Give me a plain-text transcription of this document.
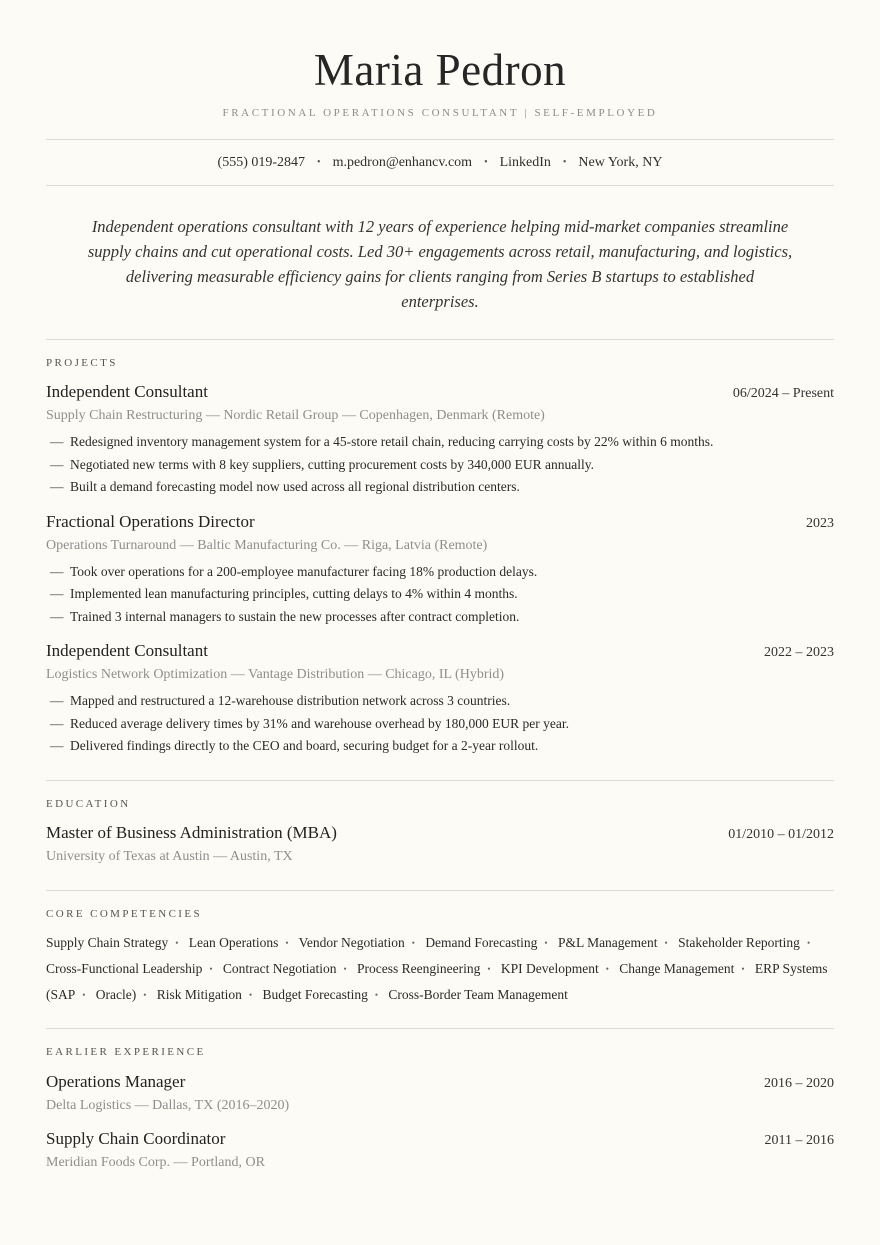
Maria Pedron
FRACTIONAL OPERATIONS CONSULTANT | SELF-EMPLOYED
(555) 019-2847 • m.pedron@enhancv.com • LinkedIn • New York, NY
Independent operations consultant with 12 years of experience helping mid-market companies streamline supply chains and cut operational costs. Led 30+ engagements across retail, manufacturing, and logistics, delivering measurable efficiency gains for clients ranging from Series B startups to established enterprises.
PROJECTS
Independent Consultant	06/2024 – Present
Supply Chain Restructuring — Nordic Retail Group — Copenhagen, Denmark (Remote)
— Redesigned inventory management system for a 45-store retail chain, reducing carrying costs by 22% within 6 months.
— Negotiated new terms with 8 key suppliers, cutting procurement costs by 340,000 EUR annually.
— Built a demand forecasting model now used across all regional distribution centers.
Fractional Operations Director	2023
Operations Turnaround — Baltic Manufacturing Co. — Riga, Latvia (Remote)
— Took over operations for a 200-employee manufacturer facing 18% production delays.
— Implemented lean manufacturing principles, cutting delays to 4% within 4 months.
— Trained 3 internal managers to sustain the new processes after contract completion.
Independent Consultant	2022 – 2023
Logistics Network Optimization — Vantage Distribution — Chicago, IL (Hybrid)
— Mapped and restructured a 12-warehouse distribution network across 3 countries.
— Reduced average delivery times by 31% and warehouse overhead by 180,000 EUR per year.
— Delivered findings directly to the CEO and board, securing budget for a 2-year rollout.
EDUCATION
Master of Business Administration (MBA)	01/2010 – 01/2012
University of Texas at Austin — Austin, TX
CORE COMPETENCIES
Supply Chain Strategy • Lean Operations • Vendor Negotiation • Demand Forecasting • P&L Management • Stakeholder Reporting • Cross-Functional Leadership • Contract Negotiation • Process Reengineering • KPI Development • Change Management • ERP Systems (SAP • Oracle) • Risk Mitigation • Budget Forecasting • Cross-Border Team Management
EARLIER EXPERIENCE
Operations Manager	2016 – 2020
Delta Logistics — Dallas, TX (2016–2020)
Supply Chain Coordinator	2011 – 2016
Meridian Foods Corp. — Portland, OR
